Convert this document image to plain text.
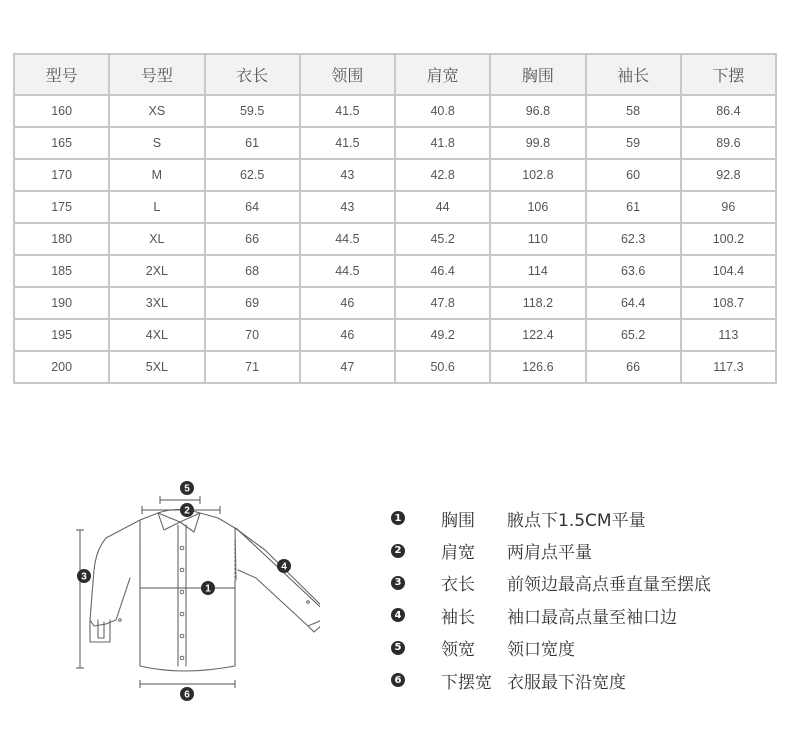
型号	号型	衣长	领围	肩宽	胸围	袖长	下摆
160	XS	59.5	41.5	40.8	96.8	58	86.4
165	S	61	41.5	41.8	99.8	59	89.6
170	M	62.5	43	42.8	102.8	60	92.8
175	L	64	43	44	106	61	96
180	XL	66	44.5	45.2	110	62.3	100.2
185	2XL	68	44.5	46.4	114	63.6	104.4
190	3XL	69	46	47.8	118.2	64.4	108.7
195	4XL	70	46	49.2	122.4	65.2	113
200	5XL	71	47	50.6	126.6	66	117.3
5
2
1
3
4
6
1 胸围	腋点下1.5CM平量
2 肩宽	两肩点平量
3 衣长	前领边最高点垂直量至摆底
4 袖长	袖口最高点量至袖口边
5 领宽	领口宽度
6 下摆宽 衣服最下沿宽度
